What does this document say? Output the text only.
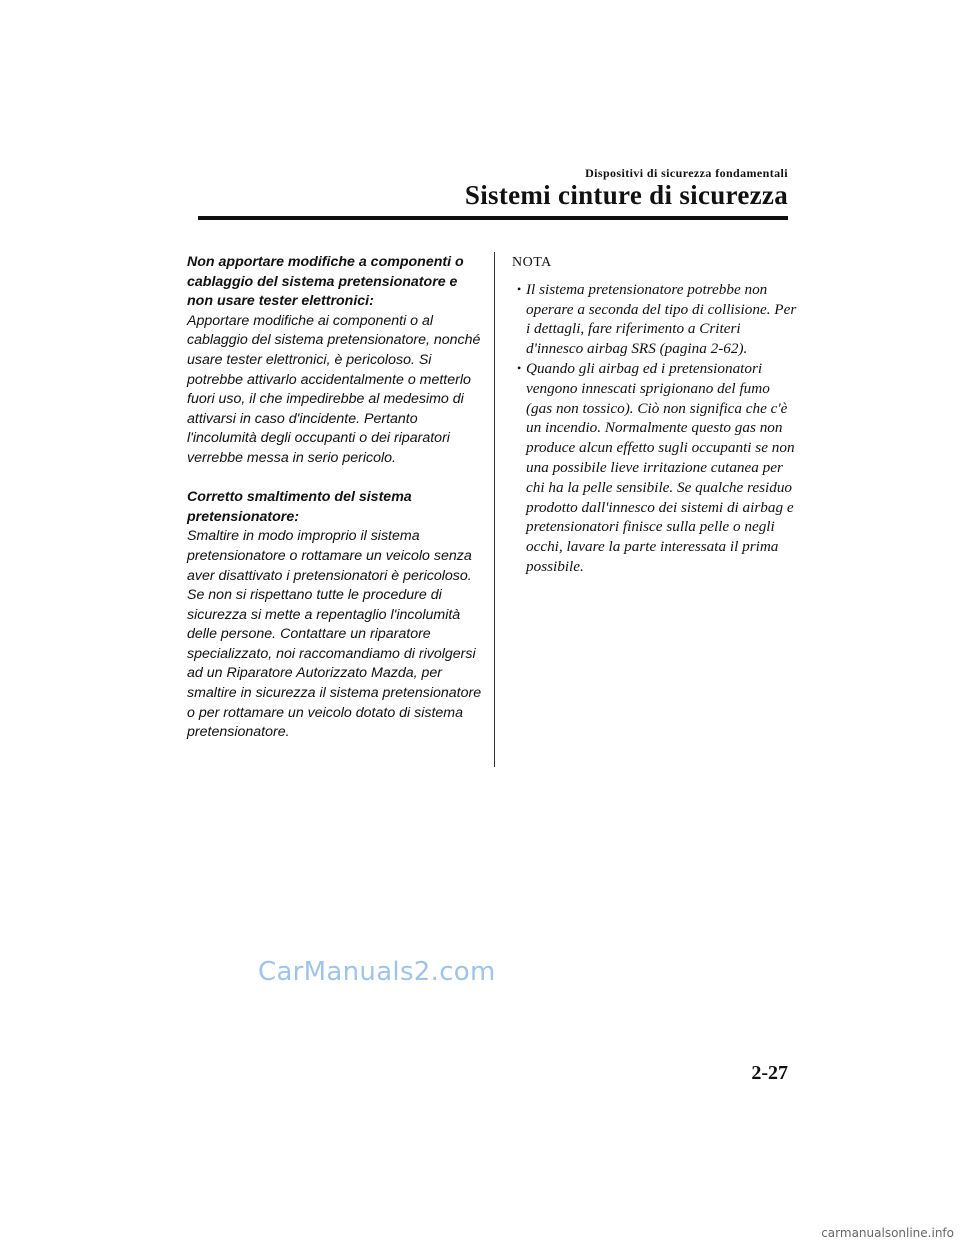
Dispositivi di sicurezza fondamentali
Sistemi cinture di sicurezza
Non apportare modifiche a componenti o cablaggio del sistema pretensionatore e non usare tester elettronici:
Apportare modifiche ai componenti o al cablaggio del sistema pretensionatore, nonché usare tester elettronici, è pericoloso. Si potrebbe attivarlo accidentalmente o metterlo fuori uso, il che impedirebbe al medesimo di attivarsi in caso d'incidente. Pertanto l'incolumità degli occupanti o dei riparatori verrebbe messa in serio pericolo.
Corretto smaltimento del sistema pretensionatore:
Smaltire in modo improprio il sistema pretensionatore o rottamare un veicolo senza aver disattivato i pretensionatori è pericoloso. Se non si rispettano tutte le procedure di sicurezza si mette a repentaglio l'incolumità delle persone. Contattare un riparatore specializzato, noi raccomandiamo di rivolgersi ad un Riparatore Autorizzato Mazda, per smaltire in sicurezza il sistema pretensionatore o per rottamare un veicolo dotato di sistema pretensionatore.
NOTA
• Il sistema pretensionatore potrebbe non operare a seconda del tipo di collisione. Per i dettagli, fare riferimento a Criteri d'innesco airbag SRS (pagina 2-62).
• Quando gli airbag ed i pretensionatori vengono innescati sprigionano del fumo (gas non tossico). Ciò non significa che c'è un incendio. Normalmente questo gas non produce alcun effetto sugli occupanti se non una possibile lieve irritazione cutanea per chi ha la pelle sensibile. Se qualche residuo prodotto dall'innesco dei sistemi di airbag e pretensionatori finisce sulla pelle o negli occhi, lavare la parte interessata il prima possibile.
CarManuals2.com
2-27
carmanualsonline.info
